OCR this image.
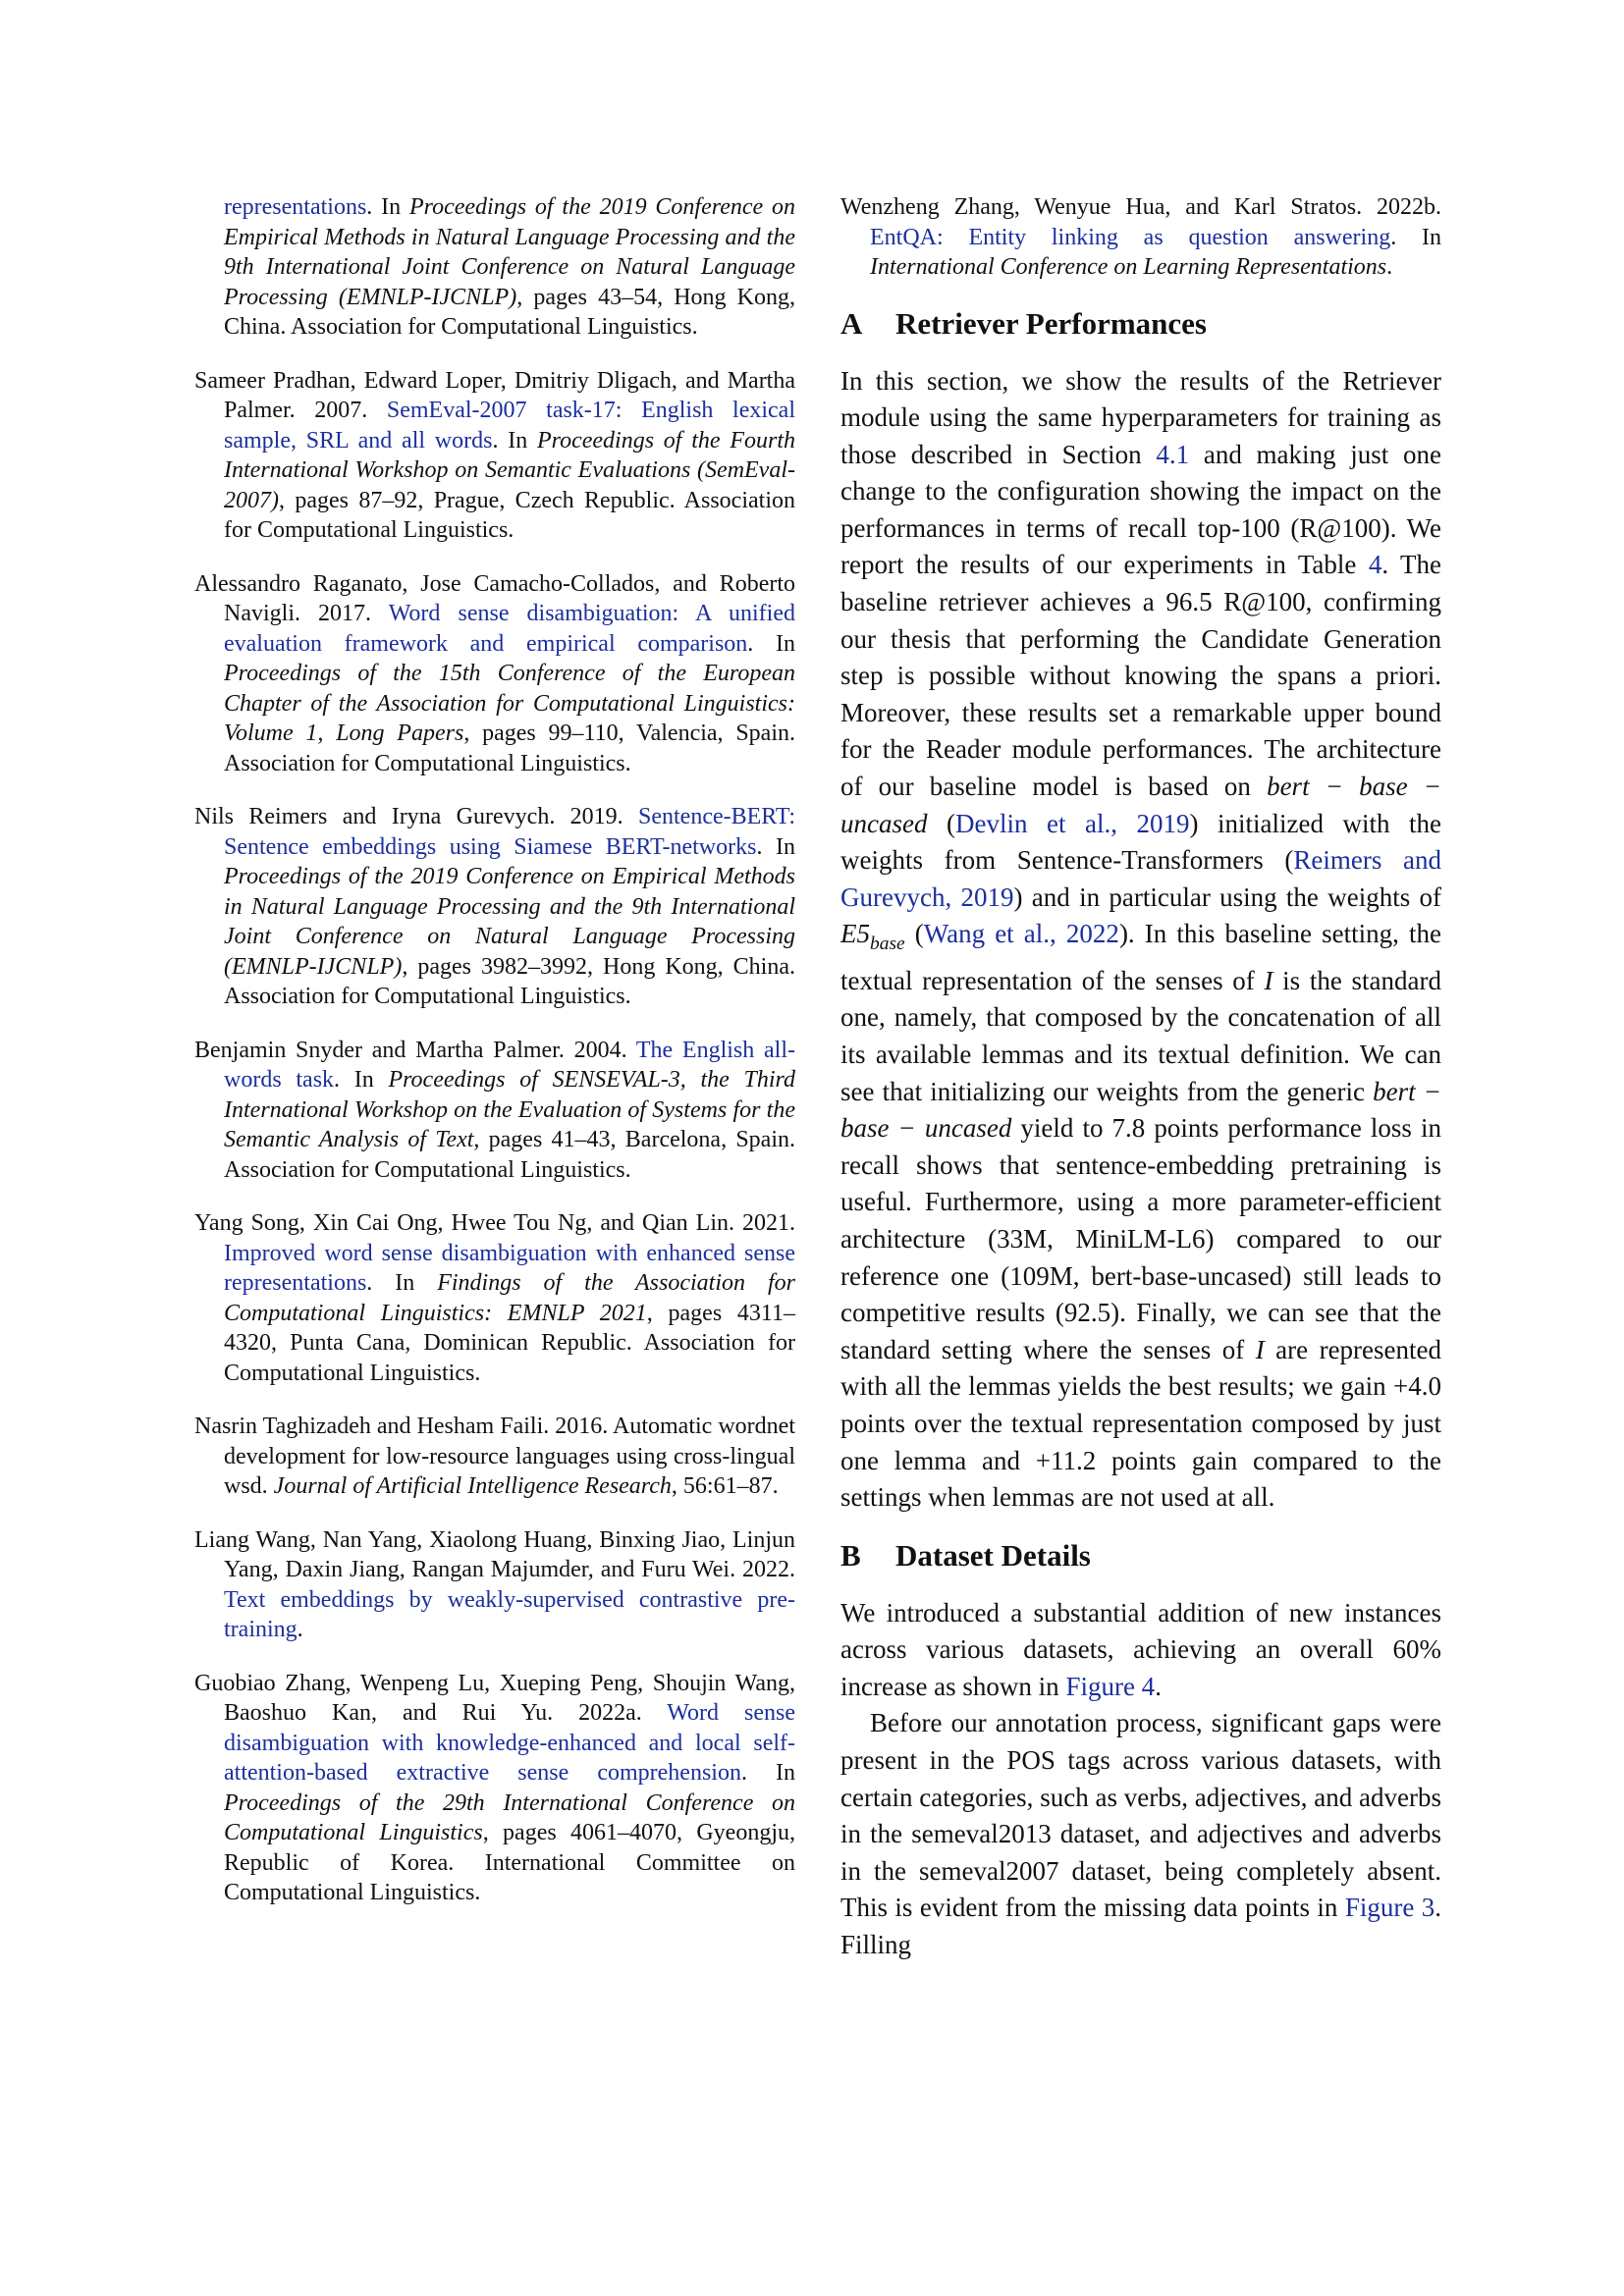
representations. In Proceedings of the 2019 Conference on Empirical Methods in Natural Language Processing and the 9th International Joint Conference on Natural Language Processing (EMNLP-IJCNLP), pages 43–54, Hong Kong, China. Association for Computational Linguistics.
Sameer Pradhan, Edward Loper, Dmitriy Dligach, and Martha Palmer. 2007. SemEval-2007 task-17: English lexical sample, SRL and all words. In Proceedings of the Fourth International Workshop on Semantic Evaluations (SemEval-2007), pages 87–92, Prague, Czech Republic. Association for Computational Linguistics.
Alessandro Raganato, Jose Camacho-Collados, and Roberto Navigli. 2017. Word sense disambiguation: A unified evaluation framework and empirical comparison. In Proceedings of the 15th Conference of the European Chapter of the Association for Computational Linguistics: Volume 1, Long Papers, pages 99–110, Valencia, Spain. Association for Computational Linguistics.
Nils Reimers and Iryna Gurevych. 2019. Sentence-BERT: Sentence embeddings using Siamese BERT-networks. In Proceedings of the 2019 Conference on Empirical Methods in Natural Language Processing and the 9th International Joint Conference on Natural Language Processing (EMNLP-IJCNLP), pages 3982–3992, Hong Kong, China. Association for Computational Linguistics.
Benjamin Snyder and Martha Palmer. 2004. The English all-words task. In Proceedings of SENSEVAL-3, the Third International Workshop on the Evaluation of Systems for the Semantic Analysis of Text, pages 41–43, Barcelona, Spain. Association for Computational Linguistics.
Yang Song, Xin Cai Ong, Hwee Tou Ng, and Qian Lin. 2021. Improved word sense disambiguation with enhanced sense representations. In Findings of the Association for Computational Linguistics: EMNLP 2021, pages 4311–4320, Punta Cana, Dominican Republic. Association for Computational Linguistics.
Nasrin Taghizadeh and Hesham Faili. 2016. Automatic wordnet development for low-resource languages using cross-lingual wsd. Journal of Artificial Intelligence Research, 56:61–87.
Liang Wang, Nan Yang, Xiaolong Huang, Binxing Jiao, Linjun Yang, Daxin Jiang, Rangan Majumder, and Furu Wei. 2022. Text embeddings by weakly-supervised contrastive pre-training.
Guobiao Zhang, Wenpeng Lu, Xueping Peng, Shoujin Wang, Baoshuo Kan, and Rui Yu. 2022a. Word sense disambiguation with knowledge-enhanced and local self-attention-based extractive sense comprehension. In Proceedings of the 29th International Conference on Computational Linguistics, pages 4061–4070, Gyeongju, Republic of Korea. International Committee on Computational Linguistics.
Wenzheng Zhang, Wenyue Hua, and Karl Stratos. 2022b. EntQA: Entity linking as question answering. In International Conference on Learning Representations.
A Retriever Performances

In this section, we show the results of the Retriever module using the same hyperparameters for training as those described in Section 4.1 and making just one change to the configuration showing the impact on the performances in terms of recall top-100 (R@100). We report the results of our experiments in Table 4. The baseline retriever achieves a 96.5 R@100, confirming our thesis that performing the Candidate Generation step is possible without knowing the spans a priori. Moreover, these results set a remarkable upper bound for the Reader module performances. The architecture of our baseline model is based on bert − base − uncased (Devlin et al., 2019) initialized with the weights from Sentence-Transformers (Reimers and Gurevych, 2019) and in particular using the weights of $E5_{base}$ (Wang et al., 2022). In this baseline setting, the textual representation of the senses of I is the standard one, namely, that composed by the concatenation of all its available lemmas and its textual definition. We can see that initializing our weights from the generic bert − base − uncased yield to 7.8 points performance loss in recall shows that sentence-embedding pretraining is useful. Furthermore, using a more parameter-efficient architecture (33M, MiniLM-L6) compared to our reference one (109M, bert-base-uncased) still leads to competitive results (92.5). Finally, we can see that the standard setting where the senses of I are represented with all the lemmas yields the best results; we gain +4.0 points over the textual representation composed by just one lemma and +11.2 points gain compared to the settings when lemmas are not used at all.

B Dataset Details

We introduced a substantial addition of new instances across various datasets, achieving an overall 60% increase as shown in Figure 4.

Before our annotation process, significant gaps were present in the POS tags across various datasets, with certain categories, such as verbs, adjectives, and adverbs in the semeval2013 dataset, and adjectives and adverbs in the semeval2007 dataset, being completely absent. This is evident from the missing data points in Figure 3. Filling
